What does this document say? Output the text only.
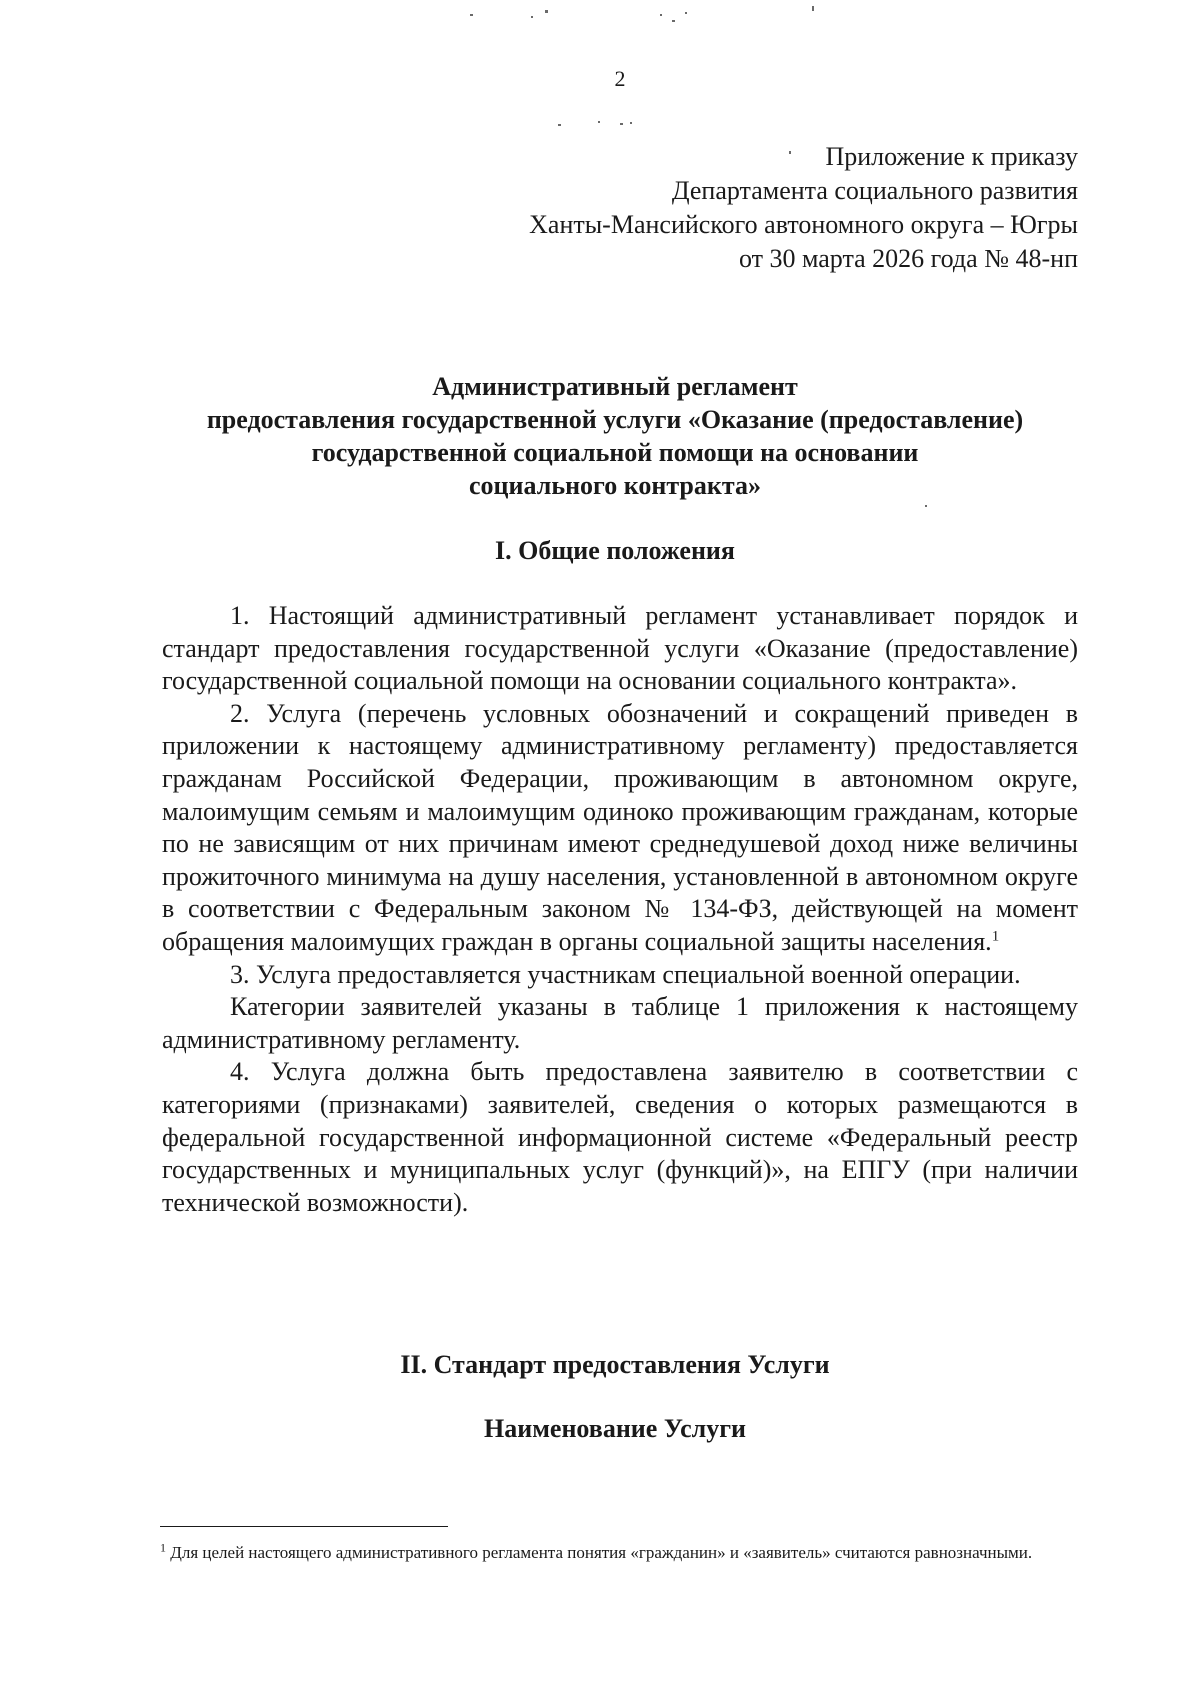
2
Приложение к приказу
Департамента социального развития
Ханты-Мансийского автономного округа – Югры
от 30 марта 2026 года № 48-нп
Административный регламент
предоставления государственной услуги «Оказание (предоставление)
государственной социальной помощи на основании
социального контракта»
I. Общие положения

1. Настоящий административный регламент устанавливает порядок и стандарт предоставления государственной услуги «Оказание (предоставление) государственной социальной помощи на основании социального контракта».

2. Услуга (перечень условных обозначений и сокращений приведен в приложении к настоящему административному регламенту) предоставляется гражданам Российской Федерации, проживающим в автономном округе, малоимущим семьям и малоимущим одиноко проживающим гражданам, которые по не зависящим от них причинам имеют среднедушевой доход ниже величины прожиточного минимума на душу населения, установленной в автономном округе в соответствии с Федеральным законом № 134-ФЗ, действующей на момент обращения малоимущих граждан в органы социальной защиты населения.$^1$

3. Услуга предоставляется участникам специальной военной операции.

Категории заявителей указаны в таблице 1 приложения к настоящему административному регламенту.

4. Услуга должна быть предоставлена заявителю в соответствии с категориями (признаками) заявителей, сведения о которых размещаются в федеральной государственной информационной системе «Федеральный реестр государственных и муниципальных услуг (функций)», на ЕПГУ (при наличии технической возможности).

II. Стандарт предоставления Услуги
Наименование Услуги
$^1$ Для целей настоящего административного регламента понятия «гражданин» и «заявитель» считаются равнозначными.
